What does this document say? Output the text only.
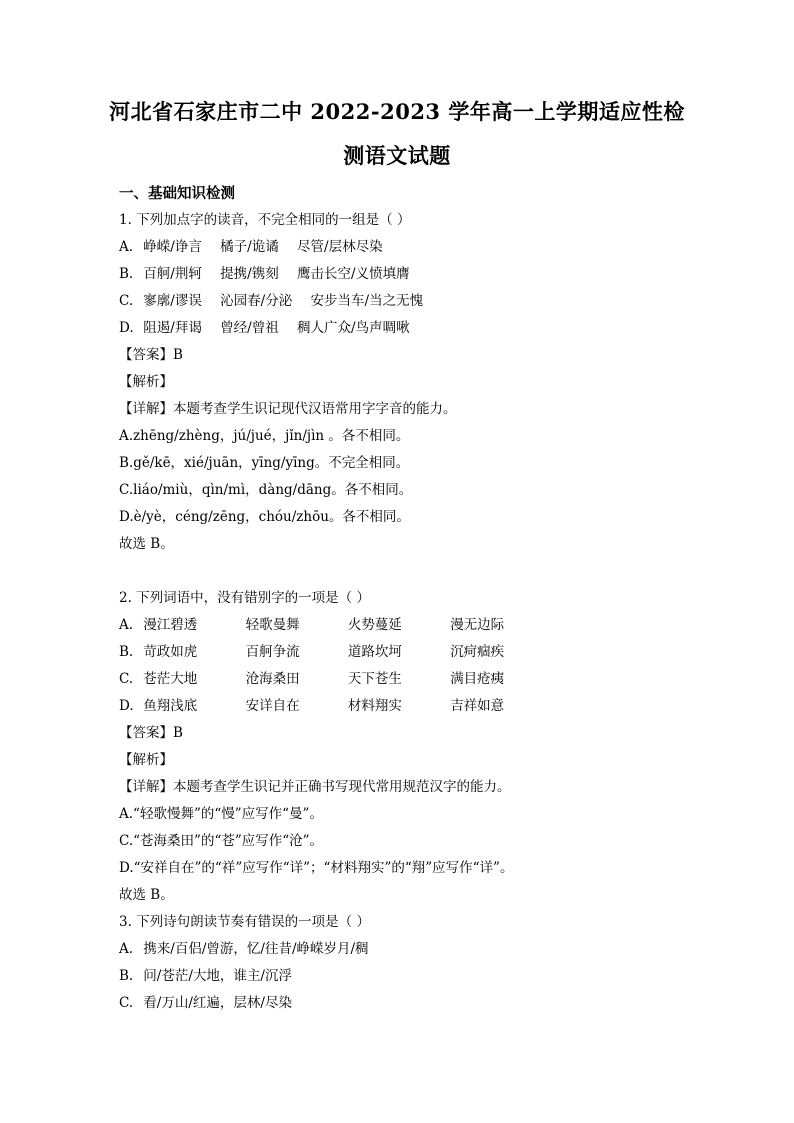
河北省石家庄市二中 2022-2023 学年高一上学期适应性检
测语文试题
一、基础知识检测
1. 下列加点字的读音，不完全相同的一组是（ ）
A. 峥嵘/诤言 橘子/诡谲 尽管/层林尽染
B. 百舸/荆轲 提携/镌刻 鹰击长空/义愤填膺
C. 寥廓/谬误 沁园春/分泌 安步当车/当之无愧
D. 阻遏/拜谒 曾经/曾祖 稠人广众/鸟声啁啾
【答案】B
【解析】
【详解】本题考查学生识记现代汉语常用字字音的能力。
A.zhēng/zhèng，jú/jué，jǐn/jìn 。各不相同。
B.gě/kē，xié/juān，yīng/yīng。不完全相同。
C.liáo/miù，qìn/mì，dàng/dāng。各不相同。
D.è/yè，céng/zēng，chóu/zhōu。各不相同。
故选 B。
2. 下列词语中，没有错别字的一项是（ ）
A. 漫江碧透	轻歌曼舞	火势蔓延	漫无边际
B. 苛政如虎	百舸争流	道路坎坷	沉疴痼疾
C. 苍茫大地	沧海桑田	天下苍生	满目疮痍
D. 鱼翔浅底	安详自在	材料翔实	吉祥如意
【答案】B
【解析】
【详解】本题考查学生识记并正确书写现代常用规范汉字的能力。
A.“轻歌慢舞”的“慢”应写作“曼”。
C.“苍海桑田”的“苍”应写作“沧”。
D.“安祥自在”的“祥”应写作“详”；“材料翔实”的“翔”应写作“详”。
故选 B。
3. 下列诗句朗读节奏有错误的一项是（ ）
A. 携来/百侣/曾游，忆/往昔/峥嵘岁月/稠
B. 问/苍茫/大地，谁主/沉浮
C. 看/万山/红遍，层林/尽染
